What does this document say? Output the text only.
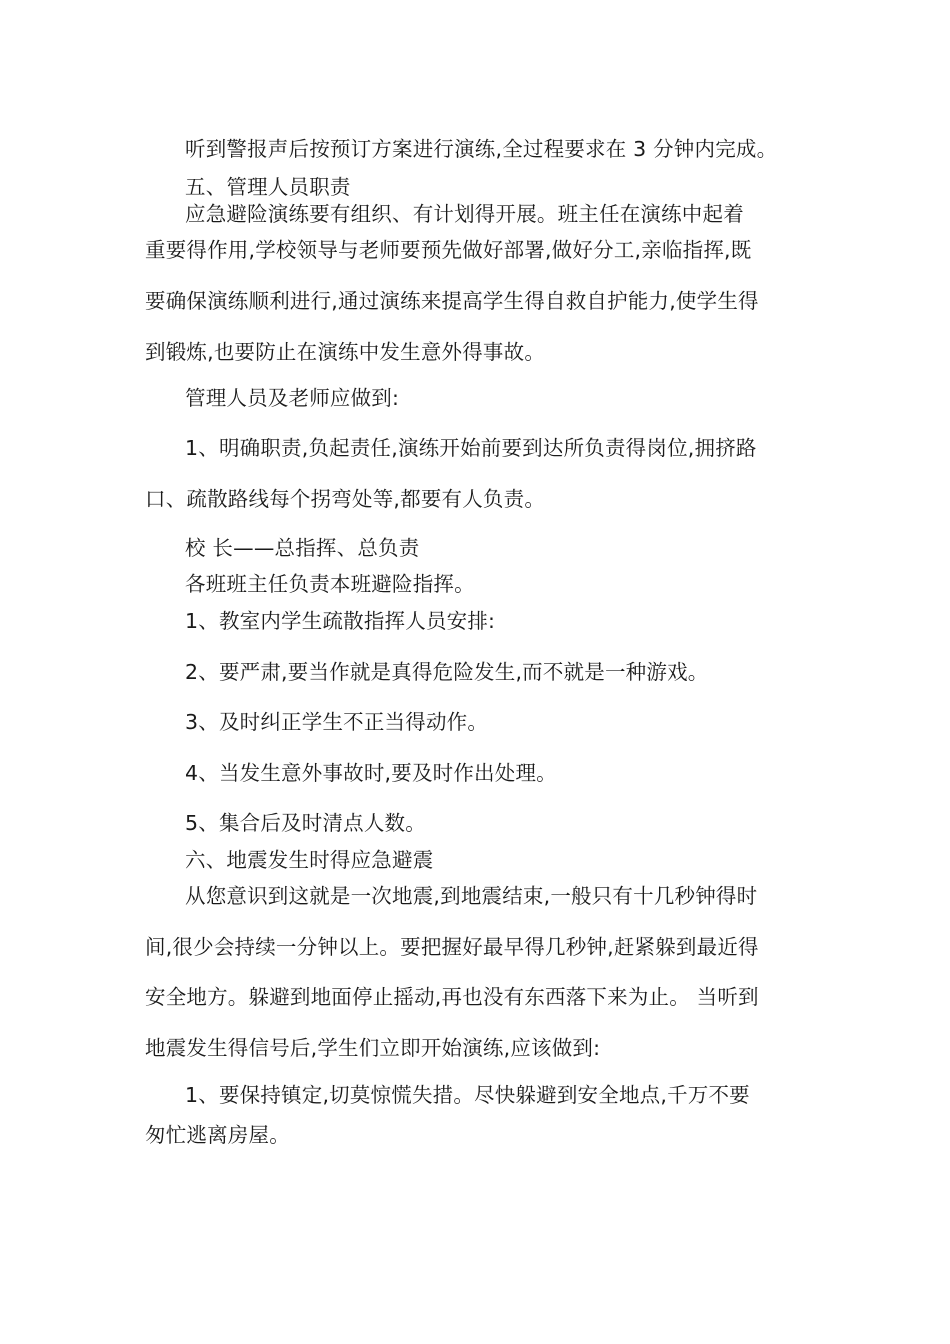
听到警报声后按预订方案进行演练,全过程要求在 3 分钟内完成。

五、管理人员职责

应急避险演练要有组织、有计划得开展。班主任在演练中起着

重要得作用,学校领导与老师要预先做好部署,做好分工,亲临指挥,既

要确保演练顺利进行,通过演练来提高学生得自救自护能力,使学生得

到锻炼,也要防止在演练中发生意外得事故。

管理人员及老师应做到:

1、明确职责,负起责任,演练开始前要到达所负责得岗位,拥挤路

口、疏散路线每个拐弯处等,都要有人负责。

校 长——总指挥、总负责

各班班主任负责本班避险指挥。

1、教室内学生疏散指挥人员安排:

2、要严肃,要当作就是真得危险发生,而不就是一种游戏。

3、及时纠正学生不正当得动作。

4、当发生意外事故时,要及时作出处理。

5、集合后及时清点人数。

六、地震发生时得应急避震

从您意识到这就是一次地震,到地震结束,一般只有十几秒钟得时

间,很少会持续一分钟以上。要把握好最早得几秒钟,赶紧躲到最近得

安全地方。躲避到地面停止摇动,再也没有东西落下来为止。 当听到

地震发生得信号后,学生们立即开始演练,应该做到:

1、要保持镇定,切莫惊慌失措。尽快躲避到安全地点,千万不要

匆忙逃离房屋。
